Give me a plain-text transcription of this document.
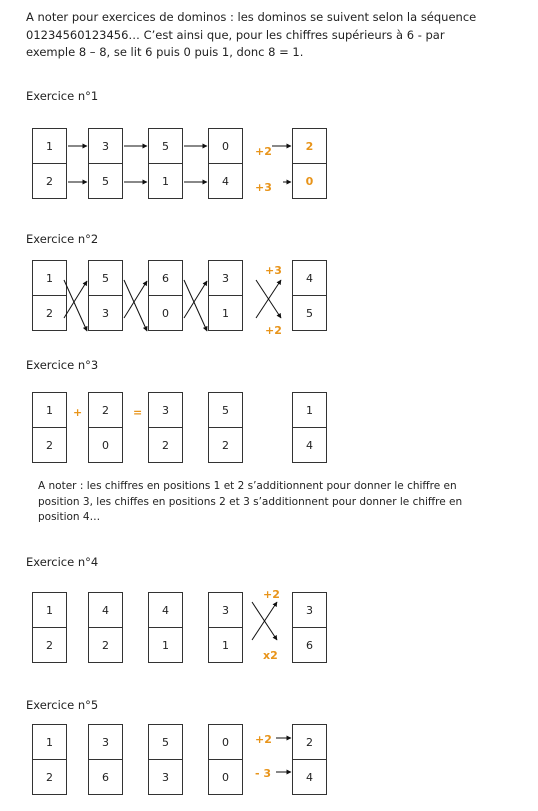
A noter pour exercices de dominos : les dominos se suivent selon la séquence
01234560123456… C’est ainsi que, pour les chiffres supérieurs à 6 - par
exemple 8 – 8, se lit 6 puis 0 puis 1, donc 8 = 1.
Exercice n°1
1
2
3
5
5
1
0
4
2
0
+2
+3
Exercice n°2
1
2
5
3
6
0
3
1
4
5
+3
+2
Exercice n°3
1
2
2
0
3
2
5
2
1
4
+	=
A noter : les chiffres en positions 1 et 2 s’additionnent pour donner le chiffre en
position 3, les chiffes en positions 2 et 3 s’additionnent pour donner le chiffre en
position 4…
Exercice n°4
1
2
4
2
4
1
3
1
3
6
+2
x2
Exercice n°5
1
2
3
6
5
3
0
0
2
4
+2
- 3
